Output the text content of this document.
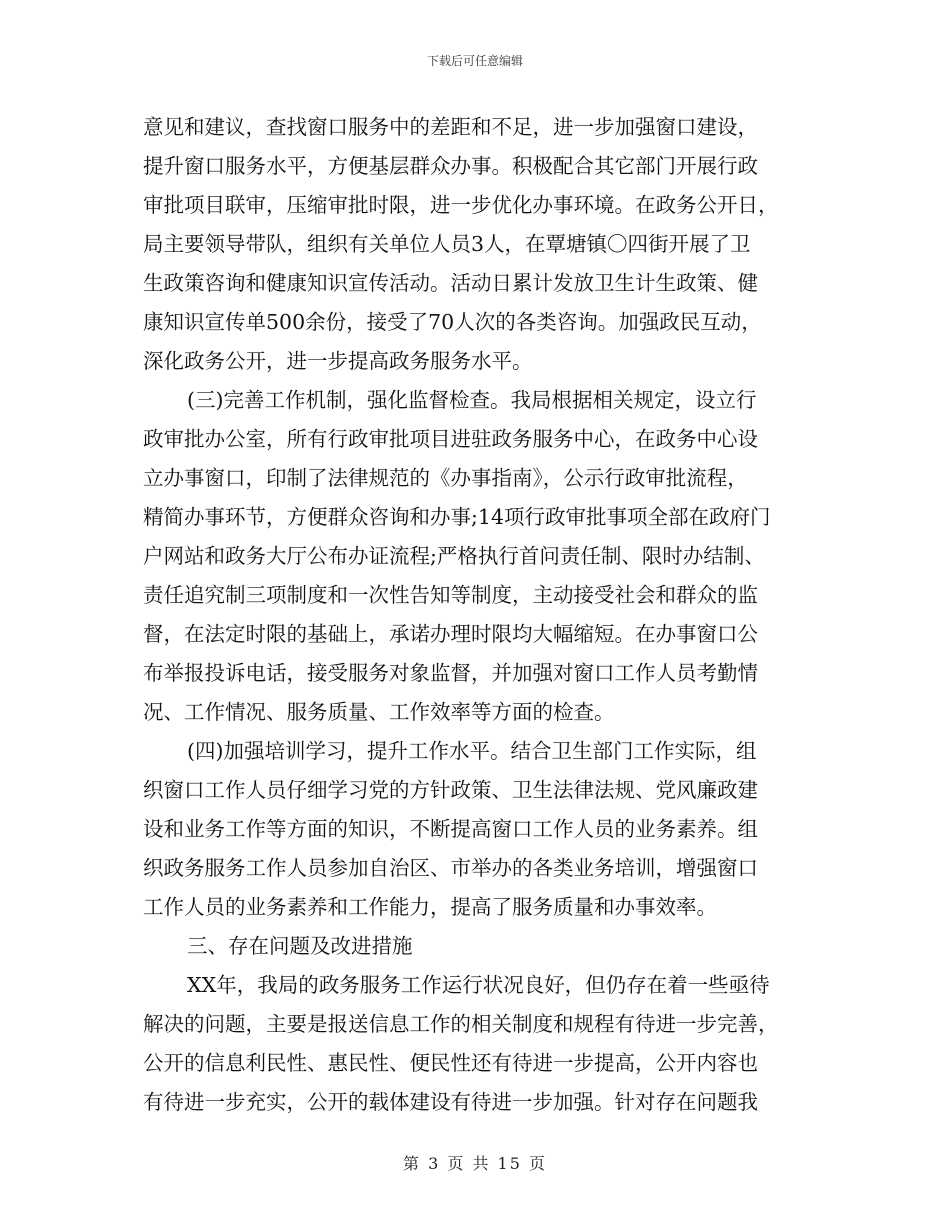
下载后可任意编辑
意见和建议，查找窗口服务中的差距和不足，进一步加强窗口建设，
提升窗口服务水平，方便基层群众办事。积极配合其它部门开展行政
审批项目联审，压缩审批时限，进一步优化办事环境。在政务公开日，
局主要领导带队，组织有关单位人员3人，在覃塘镇〇四街开展了卫
生政策咨询和健康知识宣传活动。活动日累计发放卫生计生政策、健
康知识宣传单500余份，接受了70人次的各类咨询。加强政民互动，
深化政务公开，进一步提高政务服务水平。
(三)完善工作机制，强化监督检查。我局根据相关规定，设立行
政审批办公室，所有行政审批项目进驻政务服务中心，在政务中心设
立办事窗口，印制了法律规范的《办事指南》，公示行政审批流程，
精简办事环节，方便群众咨询和办事;14项行政审批事项全部在政府门
户网站和政务大厅公布办证流程;严格执行首问责任制、限时办结制、
责任追究制三项制度和一次性告知等制度，主动接受社会和群众的监
督，在法定时限的基础上，承诺办理时限均大幅缩短。在办事窗口公
布举报投诉电话，接受服务对象监督，并加强对窗口工作人员考勤情
况、工作情况、服务质量、工作效率等方面的检查。
(四)加强培训学习，提升工作水平。结合卫生部门工作实际，组
织窗口工作人员仔细学习党的方针政策、卫生法律法规、党风廉政建
设和业务工作等方面的知识，不断提高窗口工作人员的业务素养。组
织政务服务工作人员参加自治区、市举办的各类业务培训，增强窗口
工作人员的业务素养和工作能力，提高了服务质量和办事效率。
三、存在问题及改进措施
XX年，我局的政务服务工作运行状况良好，但仍存在着一些亟待
解决的问题，主要是报送信息工作的相关制度和规程有待进一步完善，
公开的信息利民性、惠民性、便民性还有待进一步提高，公开内容也
有待进一步充实，公开的载体建设有待进一步加强。针对存在问题我
第 3 页 共 15 页
